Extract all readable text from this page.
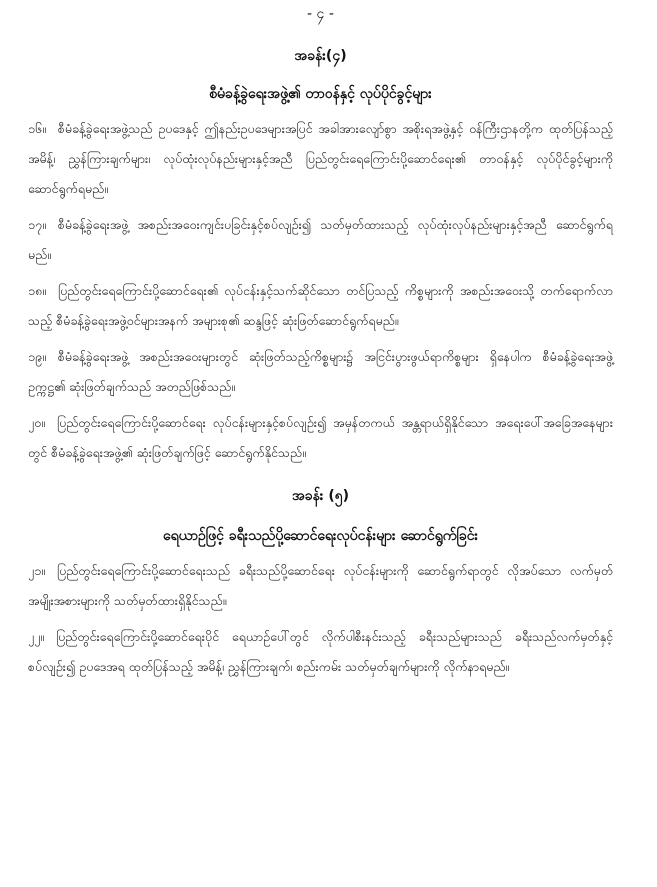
- ၄ -
အခန်း(၄)
စီမံခန့်ခွဲရေးအဖွဲ့၏ တာဝန်နှင့် လုပ်ပိုင်ခွင့်များ

၁၆။ စီမံခန့်ခွဲရေးအဖွဲ့သည် ဥပဒေနှင့် ဤနည်းဥပဒေများအပြင် အခါအားလျော်စွာ အစိုးရအဖွဲ့နှင့် ဝန်ကြီးဌာနတို့က ထုတ်ပြန်သည့် အမိန့်၊ ညွှန်ကြားချက်များ၊ လုပ်ထုံးလုပ်နည်းများနှင့်အညီ ပြည်တွင်းရေကြောင်းပို့ဆောင်ရေး၏ တာဝန်နှင့် လုပ်ပိုင်ခွင့်များကို ဆောင်ရွက်ရမည်။

၁၇။ စီမံခန့်ခွဲရေးအဖွဲ့ အစည်းအဝေးကျင်းပခြင်းနှင့်စပ်လျဉ်း၍ သတ်မှတ်ထားသည့် လုပ်ထုံးလုပ်နည်းများနှင့်အညီ ဆောင်ရွက်ရမည်။

၁၈။ ပြည်တွင်းရေကြောင်းပို့ဆောင်ရေး၏ လုပ်ငန်းနှင့်သက်ဆိုင်သော တင်ပြသည့် ကိစ္စများကို အစည်းအဝေးသို့ တက်ရောက်လာသည့် စီမံခန့်ခွဲရေးအဖွဲ့ဝင်များအနက် အများစု၏ ဆန္ဒဖြင့် ဆုံးဖြတ်ဆောင်ရွက်ရမည်။

၁၉။ စီမံခန့်ခွဲရေးအဖွဲ့ အစည်းအဝေးများတွင် ဆုံးဖြတ်သည့်ကိစ္စများ၌ အငြင်းပွားဖွယ်ရာကိစ္စများ ရှိနေပါက စီမံခန့်ခွဲရေးအဖွဲ့ ဥက္ကဋ္ဌ၏ ဆုံးဖြတ်ချက်သည် အတည်ဖြစ်သည်။

၂၀။ ပြည်တွင်းရေကြောင်းပို့ဆောင်ရေး လုပ်ငန်းများနှင့်စပ်လျဉ်း၍ အမှန်တကယ် အန္တရာယ်ရှိနိုင်သော အရေးပေါ်အခြေအနေများတွင် စီမံခန့်ခွဲရေးအဖွဲ့၏ ဆုံးဖြတ်ချက်ဖြင့် ဆောင်ရွက်နိုင်သည်။

အခန်း (၅)
ရေယာဉ်ဖြင့် ခရီးသည်ပို့ဆောင်ရေးလုပ်ငန်းများ ဆောင်ရွက်ခြင်း

၂၁။ ပြည်တွင်းရေကြောင်းပို့ဆောင်ရေးသည် ခရီးသည်ပို့ဆောင်ရေး လုပ်ငန်းများကို ဆောင်ရွက်ရာတွင် လိုအပ်သော လက်မှတ်အမျိုးအစားများကို သတ်မှတ်ထားရှိနိုင်သည်။

၂၂။ ပြည်တွင်းရေကြောင်းပို့ဆောင်ရေးပိုင် ရေယာဉ်ပေါ်တွင် လိုက်ပါစီးနင်းသည့် ခရီးသည်များသည် ခရီးသည်လက်မှတ်နှင့် စပ်လျဉ်း၍ ဥပဒေအရ ထုတ်ပြန်သည့် အမိန့်၊ ညွှန်ကြားချက်၊ စည်းကမ်း သတ်မှတ်ချက်များကို လိုက်နာရမည်။
